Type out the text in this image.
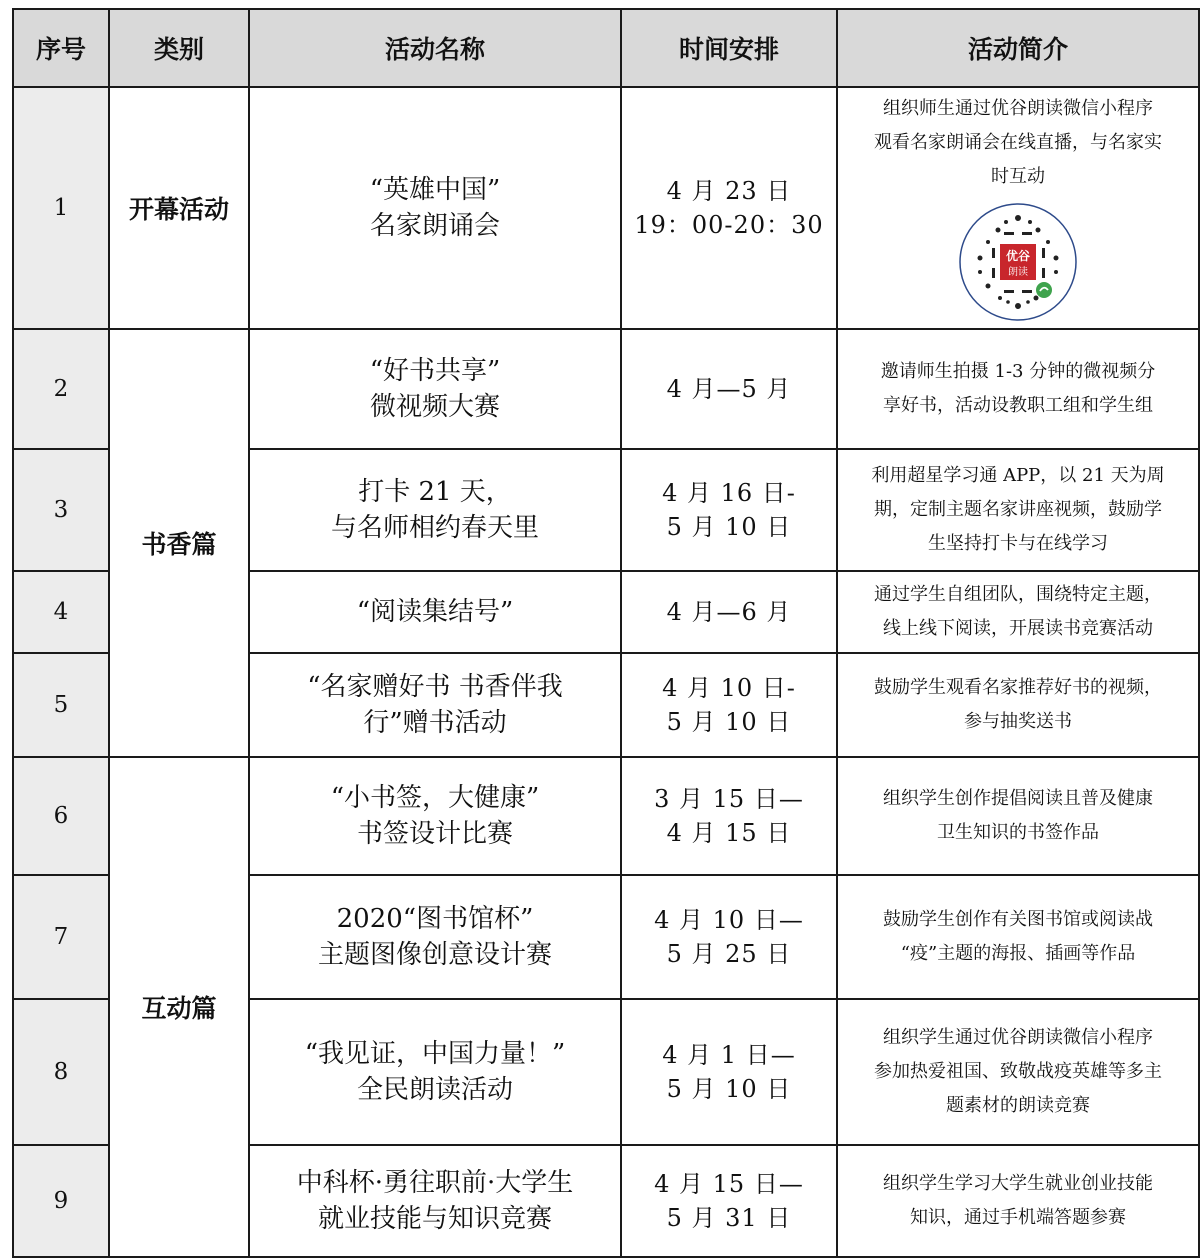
序号	类别	活动名称	时间安排	活动简介
1	开幕活动	“英雄中国”
名家朗诵会	4 月 23 日
19：00-20：30	组织师生通过优谷朗读微信小程序
观看名家朗诵会在线直播，与名家实
时互动
优谷
朗读

2	书香篇	“好书共享”
微视频大赛	4 月—5 月	邀请师生拍摄 1-3 分钟的微视频分
享好书，活动设教职工组和学生组

3		打卡 21 天，
与名师相约春天里	4 月 16 日-
5 月 10 日	利用超星学习通 APP，以 21 天为周
期，定制主题名家讲座视频，鼓励学
生坚持打卡与在线学习

4		“阅读集结号”	4 月—6 月	通过学生自组团队，围绕特定主题，
线上线下阅读，开展读书竞赛活动

5		“名家赠好书 书香伴我
行”赠书活动	4 月 10 日-
5 月 10 日	鼓励学生观看名家推荐好书的视频，
参与抽奖送书

6	互动篇	“小书签，大健康”
书签设计比赛	3 月 15 日—
4 月 15 日	组织学生创作提倡阅读且普及健康
卫生知识的书签作品

7		2020“图书馆杯”
主题图像创意设计赛	4 月 10 日—
5 月 25 日	鼓励学生创作有关图书馆或阅读战
“疫”主题的海报、插画等作品

8		“我见证，中国力量！”
全民朗读活动	4 月 1 日—
5 月 10 日	组织学生通过优谷朗读微信小程序
参加热爱祖国、致敬战疫英雄等多主
题素材的朗读竞赛

9		中科杯·勇往职前·大学生
就业技能与知识竞赛	4 月 15 日—
5 月 31 日	组织学生学习大学生就业创业技能
知识，通过手机端答题参赛
